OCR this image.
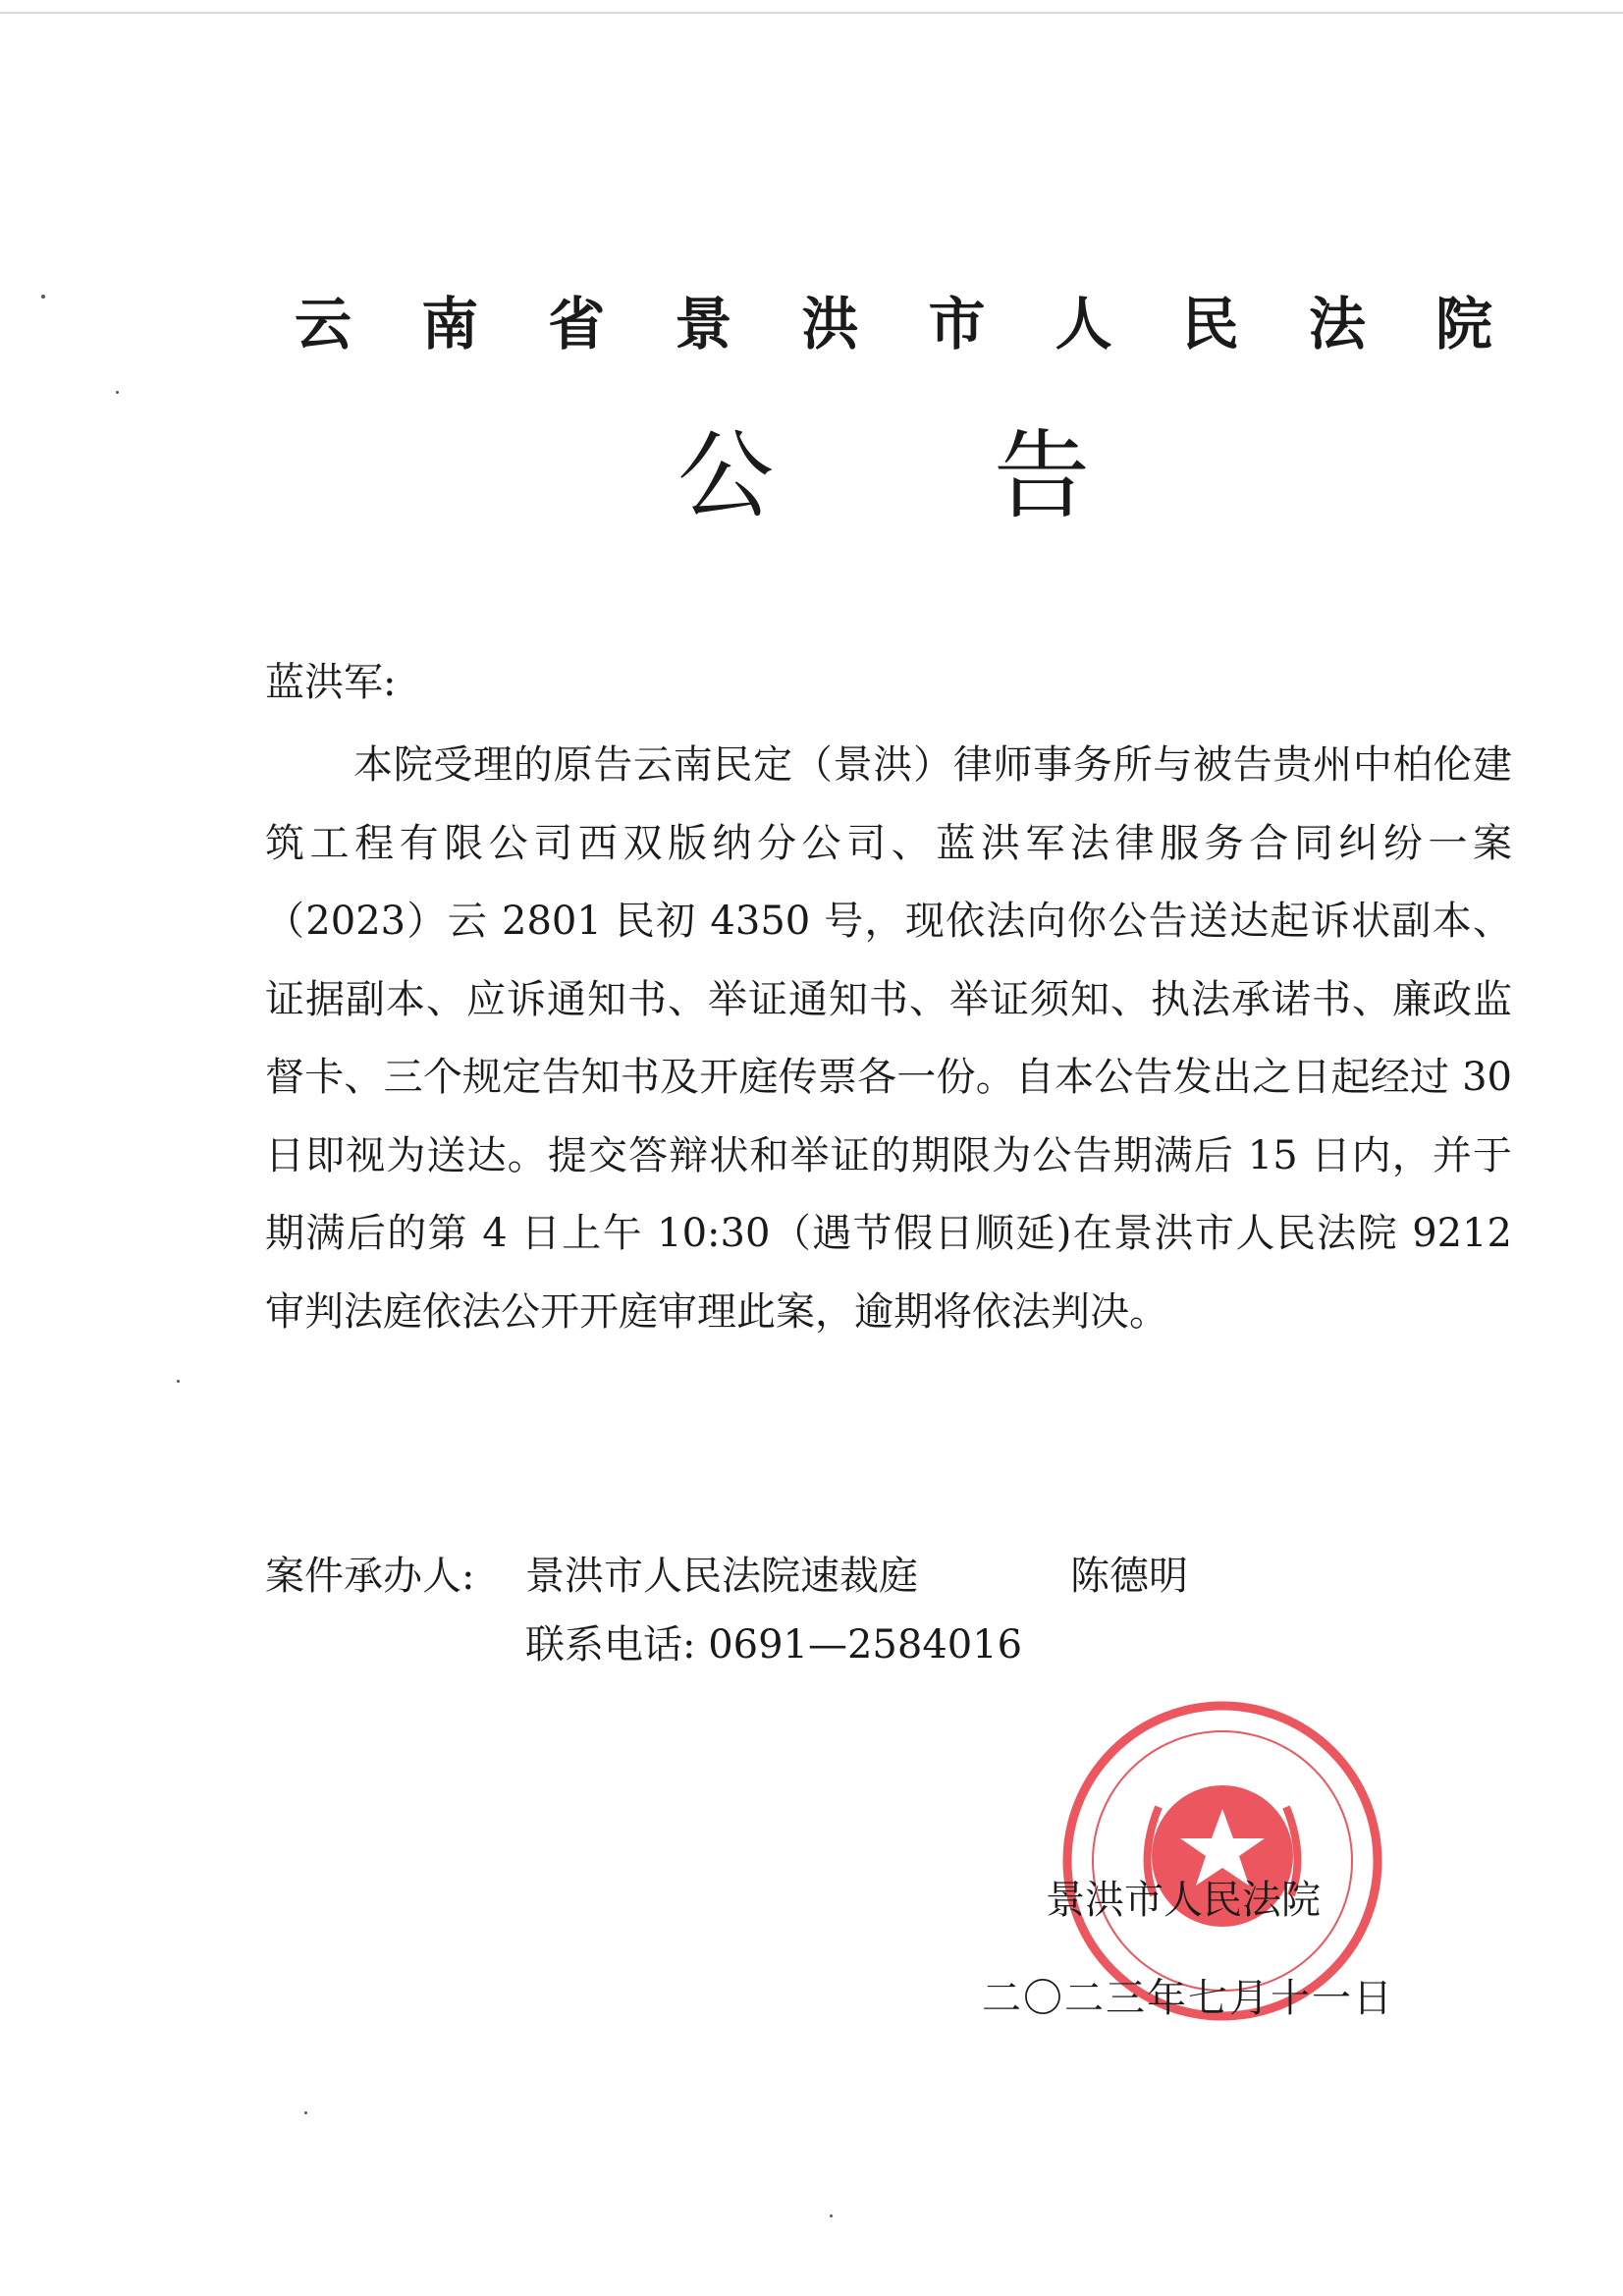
云 南 省 景 洪 市 人 民 法 院
公 告
蓝洪军:

本院受理的原告云南民定（景洪）律师事务所与被告贵州中柏伦建筑工程有限公司西双版纳分公司、蓝洪军法律服务合同纠纷一案（2023）云 2801 民初 4350 号，现依法向你公告送达起诉状副本、证据副本、应诉通知书、举证通知书、举证须知、执法承诺书、廉政监督卡、三个规定告知书及开庭传票各一份。自本公告发出之日起经过 30 日即视为送达。提交答辩状和举证的期限为公告期满后 15 日内，并于期满后的第 4 日上午 10:30（遇节假日顺延)在景洪市人民法院 9212 审判法庭依法公开开庭审理此案，逾期将依法判决。

案件承办人: 景洪市人民法院速裁庭	陈德明
联系电话: 0691—2584016
景洪市人民法院
二〇二三年七月十一日
